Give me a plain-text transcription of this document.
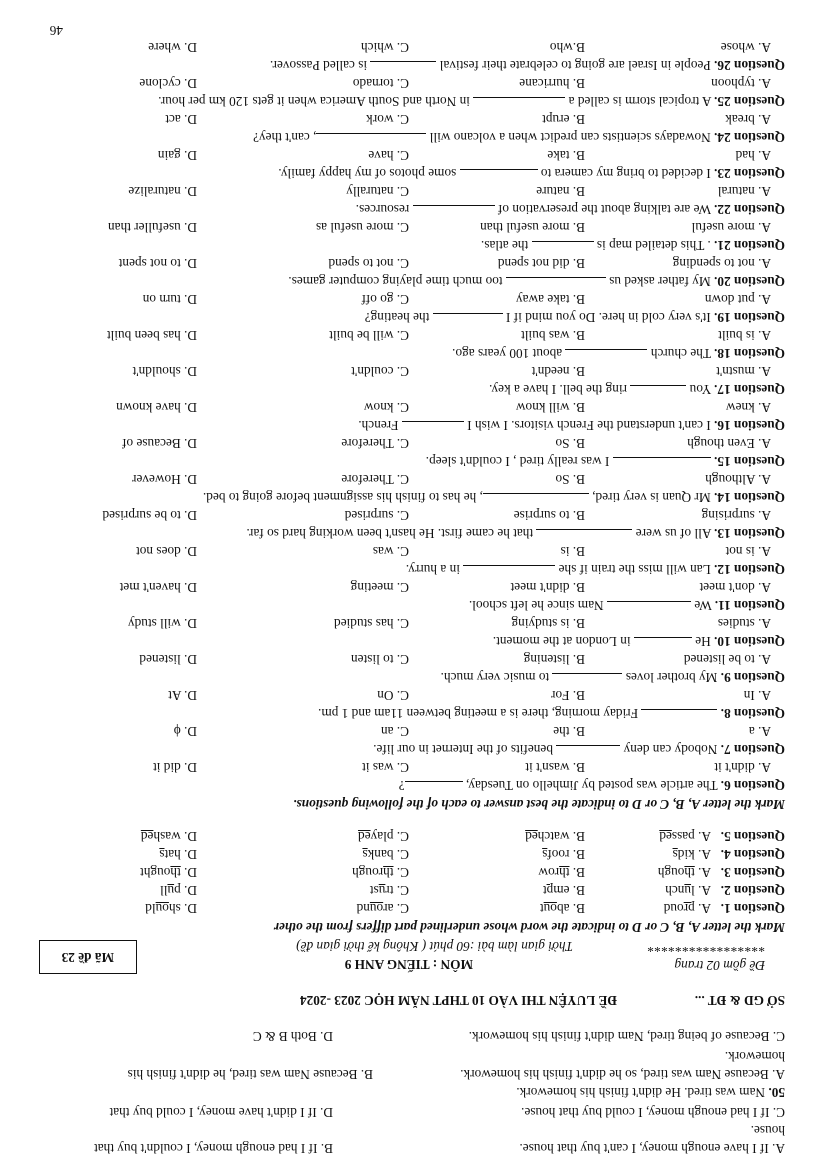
46
A. If I have enough money, I can't buy that house.
B. If I had enough money, I couldn't buy that
house.
C. If I had enough money, I could buy that house.
D. If I didn't have money, I could buy that
50. Nam was tired. He didn't finish his homework.
A. Because Nam was tired, so he didn't finish his homework.
B. Because Nam was tired, he didn't finish his
homework.
C. Because of being tired, Nam didn't finish his homework.
D. Both B & C
SỞ GD & ĐT ...
ĐỀ LUYỆN THI VÀO 10 THPT NĂM HỌC 2023 -2024
Mã đề 23
Đề gồm 02 trang
*****************
MÔN : TIẾNG ANH 9
Thời gian làm bài :60 phút ( Không kể thời gian đề)
Mark the letter A, B, C or D to indicate the word whose underlined part differs from the other
Question 1.
A. proud
B. about
C. around
D. should
Question 2.
A. lunch
B. empt
C. trust
D. pull
Question 3.
A. though
B. throw
C. through
D. thought
Question 4.
A. kids
B. roofs
C. banks
D. hats
Question 5.
A. passed
B. watched
C. played
D. washed
Mark the letter A, B, C or D to indicate the best answer to each of the following questions.
Question 6. The article was posted by Jimhello on Tuesday, ?
A. didn't it
B. wasn't it
C. was it
D. did it
Question 7. Nobody can deny  benefits of the Internet in our life.
A. a
B. the
C. an
D. ϕ
Question 8.  Friday morning, there is a meeting between 11am and 1 pm.
A. In
B. For
C. On
D. At
Question 9. My brother loves  to music very much.
A. to be listened
B. listening
C. to listen
D. listened
Question 10. He  in London at the moment.
A. studies
B. is studying
C. has studied
D. will study
Question 11. We  Nam since he left school.
A. don't meet
B. didn't meet
C. meeting
D. haven't met
Question 12. Lan will miss the train if she  in a hurry.
A. is not
B. is
C. was
D. does not
Question 13. All of us were  that he came first. He hasn't been working hard so far.
A. surprising
B. to surprise
C. surprised
D. to be surprised
Question 14. Mr Quan is very tired, , he has to finish his assignment before going to bed.
A. Although
B. So
C. Therefore
D. However
Question 15.  I was really tired , I couldn't sleep.
A. Even though
B. So
C. Therefore
D. Because of
Question 16. I can't understand the French visitors. I wish I  French.
A. knew
B. will know
C. know
D. have known
Question 17. You  ring the bell. I have a key.
A. mustn't
B. needn't
C. couldn't
D. shouldn't
Question 18. The church  about 100 years ago.
A. is built
B. was built
C. will be built
D. has been built
Question 19. It's very cold in here. Do you mind if I  the heating?
A. put down
B. take away
C. go off
D. turn on
Question 20. My father asked us  too much time playing computer games.
A. not to spending
B. did not spend
C. not to spend
D. to not spent
Question 21. . This detailed map is  the atlas.
A. more useful
B. more useful than
C. more useful as
D. usefuller than
Question 22. We are talking about the preservation of  resources.
A. natural
B. nature
C. naturally
D. naturalize
Question 23. I decided to bring my camera to  some photos of my happy family.
A. had
B. take
C. have
D. gain
Question 24. Nowadays scientists can predict when a volcano will , can't they?
A. break
B. erupt
C. work
D. act
Question 25. A tropical storm is called a  in North and South America when it gets 120 km per hour.
A. typhoon
B. hurricane
C. tornado
D. cyclone
Question 26. People in Israel are going to celebrate their festival  is called Passover.
A. whose
B.who
C. which
D. where
